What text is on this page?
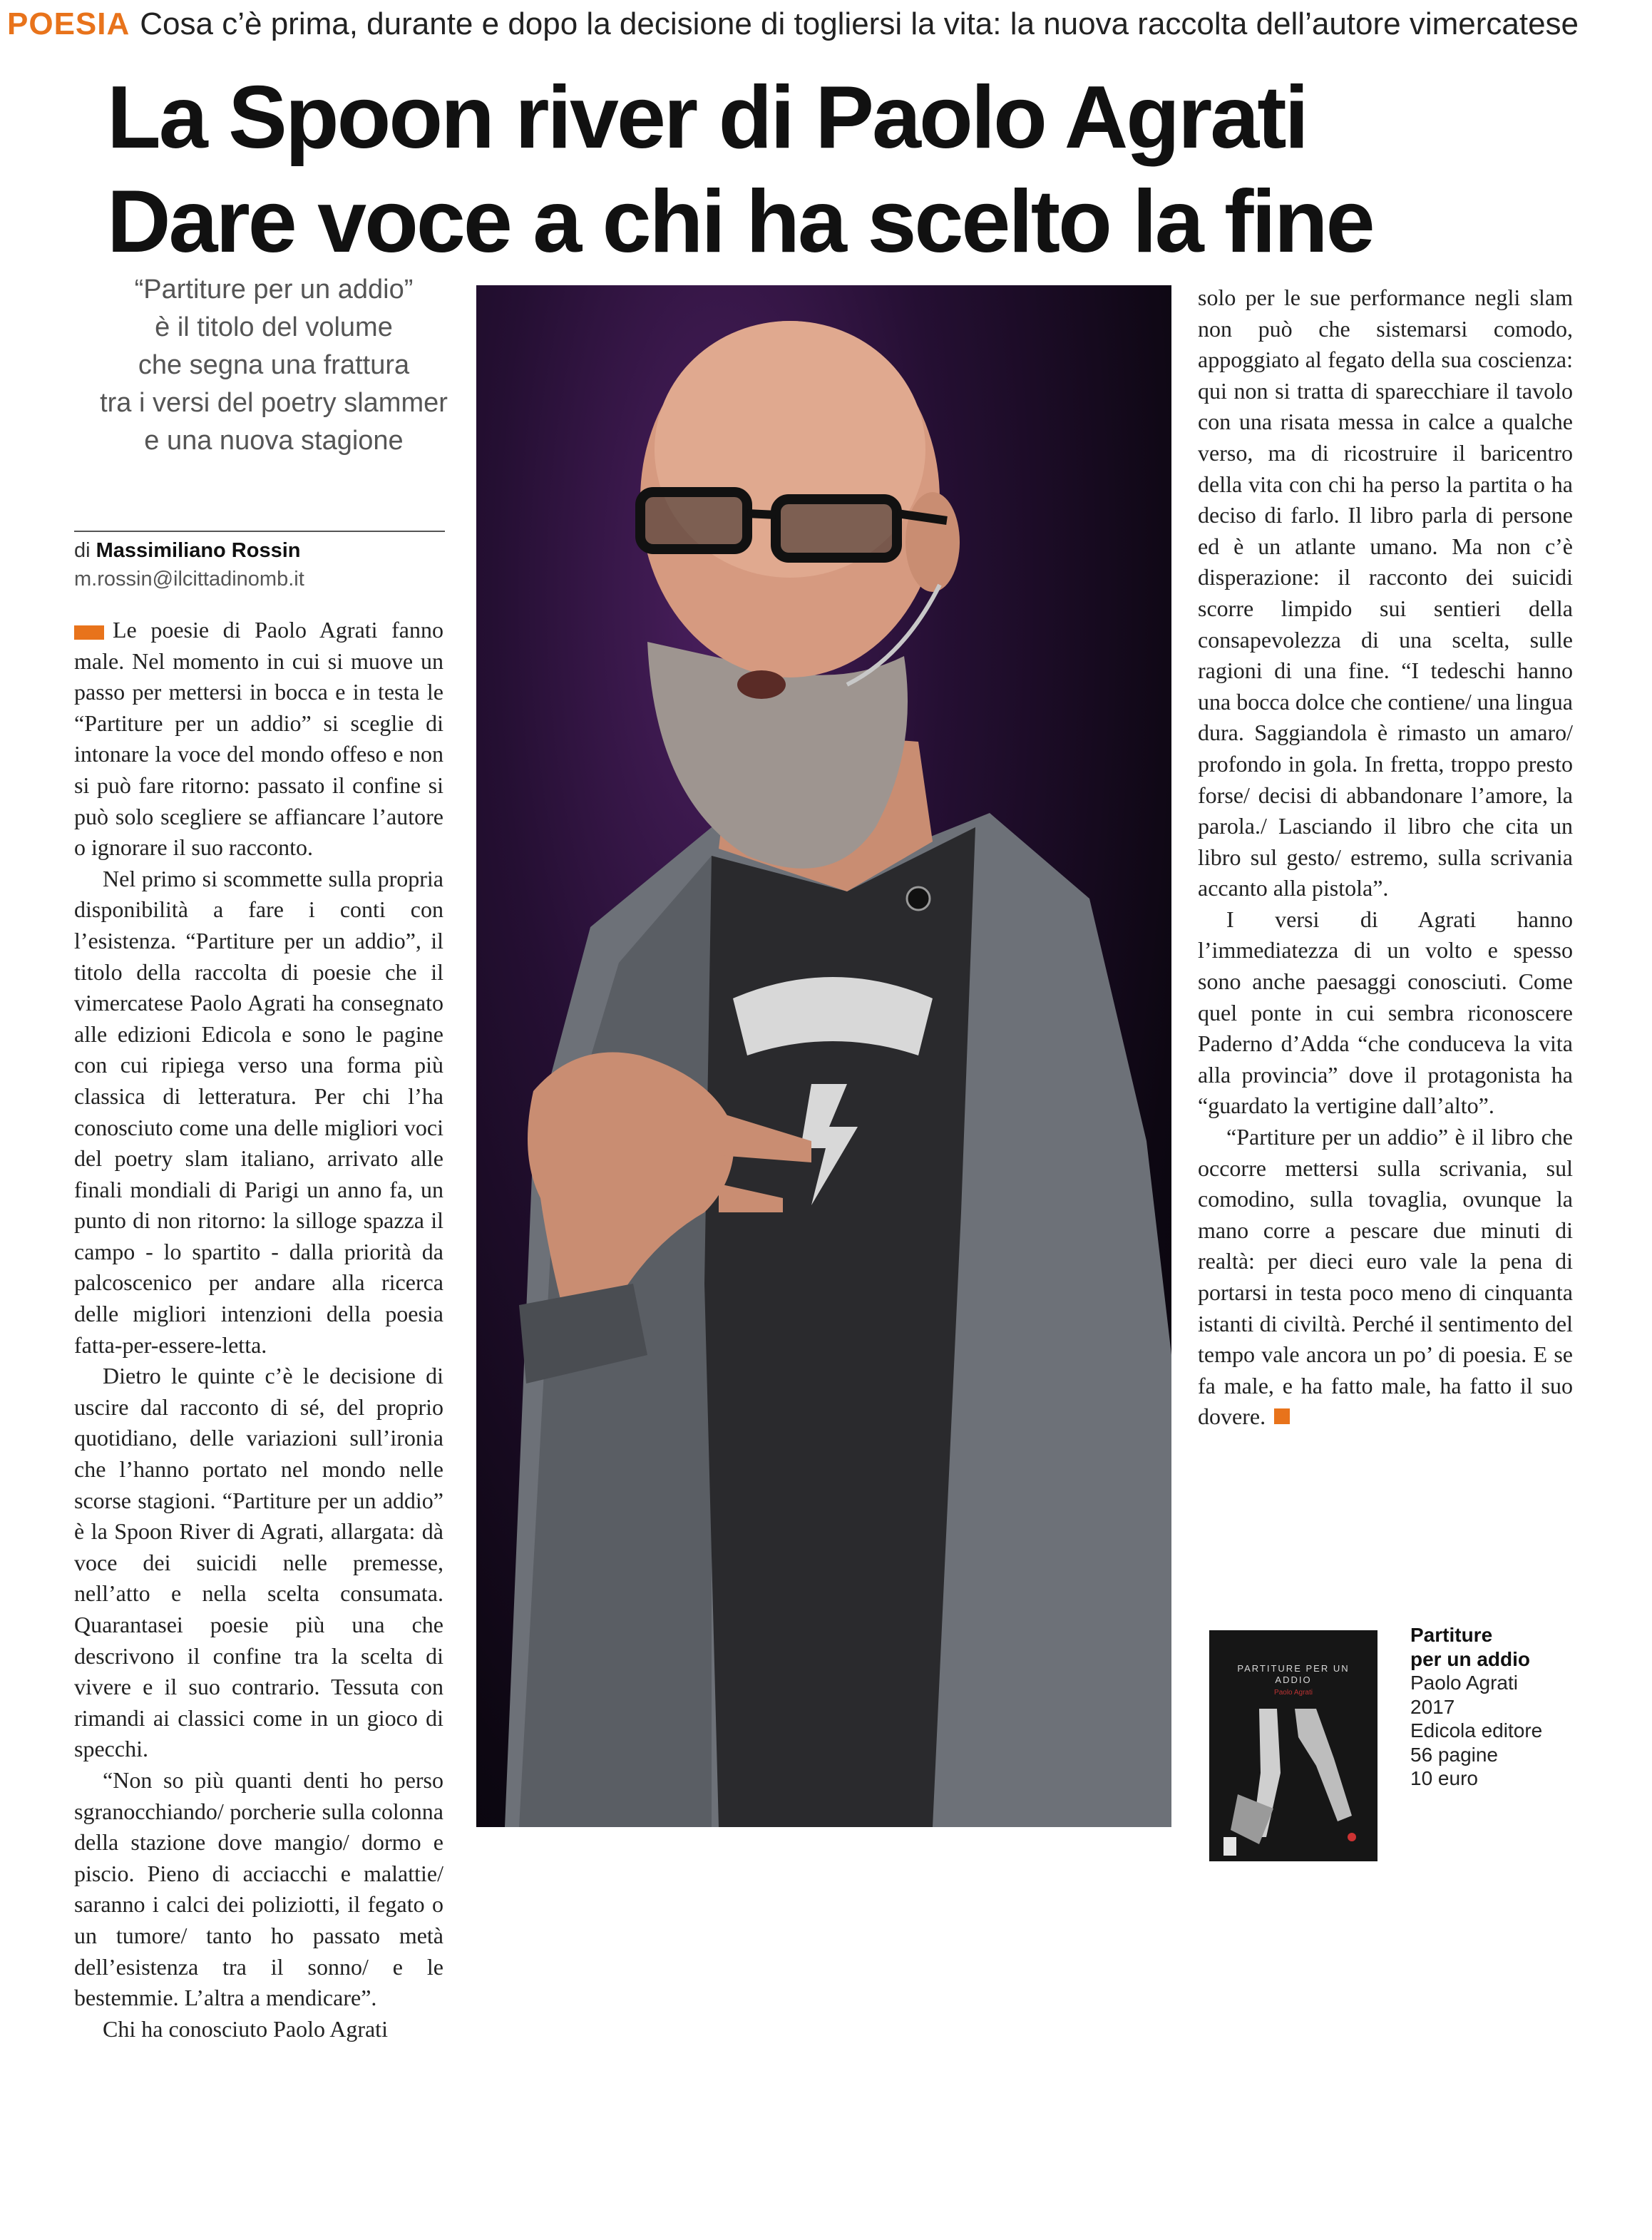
POESIA Cosa c’è prima, durante e dopo la decisione di togliersi la vita: la nuova raccolta dell’autore vimercatese
La Spoon river di Paolo Agrati
Dare voce a chi ha scelto la fine
“Partiture per un addio”
è il titolo del volume
che segna una frattura
tra i versi del poetry slammer
e una nuova stagione
di Massimiliano Rossin
m.rossin@ilcittadinomb.it

Le poesie di Paolo Agrati fanno male. Nel momento in cui si muove un passo per mettersi in bocca e in testa le “Partiture per un addio” si sceglie di intonare la voce del mondo offeso e non si può fare ritorno: passato il confine si può solo scegliere se affiancare l’autore o ignorare il suo racconto.

Nel primo si scommette sulla propria disponibilità a fare i conti con l’esistenza. “Partiture per un addio”, il titolo della raccolta di poesie che il vimercatese Paolo Agrati ha consegnato alle edizioni Edicola e sono le pagine con cui ripiega verso una forma più classica di letteratura. Per chi l’ha conosciuto come una delle migliori voci del poetry slam italiano, arrivato alle finali mondiali di Parigi un anno fa, un punto di non ritorno: la silloge spazza il campo - lo spartito - dalla priorità da palcoscenico per andare alla ricerca delle migliori intenzioni della poesia fatta-per-essere-letta.

Dietro le quinte c’è le decisione di uscire dal racconto di sé, del proprio quotidiano, delle variazioni sull’ironia che l’hanno portato nel mondo nelle scorse stagioni. “Partiture per un addio” è la Spoon River di Agrati, allargata: dà voce dei suicidi nelle premesse, nell’atto e nella scelta consumata. Quarantasei poesie più una che descrivono il confine tra la scelta di vivere e il suo contrario. Tessuta con rimandi ai classici come in un gioco di specchi.

“Non so più quanti denti ho perso sgranocchiando/ porcherie sulla colonna della stazione dove mangio/ dormo e piscio. Pieno di acciacchi e malattie/ saranno i calci dei poliziotti, il fegato o un tumore/ tanto ho passato metà dell’esistenza tra il sonno/ e le bestemmie. L’altra a mendicare”.

Chi ha conosciuto Paolo Agrati

solo per le sue performance negli slam non può che sistemarsi comodo, appoggiato al fegato della sua coscienza: qui non si tratta di sparecchiare il tavolo con una risata messa in calce a qualche verso, ma di ricostruire il baricentro della vita con chi ha perso la partita o ha deciso di farlo. Il libro parla di persone ed è un atlante umano. Ma non c’è disperazione: il racconto dei suicidi scorre limpido sui sentieri della consapevolezza di una scelta, sulle ragioni di una fine. “I tedeschi hanno una bocca dolce che contiene/ una lingua dura. Saggiandola è rimasto un amaro/ profondo in gola. In fretta, troppo presto forse/ decisi di abbandonare l’amore, la parola./ Lasciando il libro che cita un libro sul gesto/ estremo, sulla scrivania accanto alla pistola”.

I versi di Agrati hanno l’immediatezza di un volto e spesso sono anche paesaggi conosciuti. Come quel ponte in cui sembra riconoscere Paderno d’Adda “che conduceva la vita alla provincia” dove il protagonista ha “guardato la vertigine dall’alto”.

“Partiture per un addio” è il libro che occorre mettersi sulla scrivania, sul comodino, sulla tovaglia, ovunque la mano corre a pescare due minuti di realtà: per dieci euro vale la pena di portarsi in testa poco meno di cinquanta istanti di civiltà. Perché il sentimento del tempo vale ancora un po’ di poesia. E se fa male, e ha fatto male, ha fatto il suo dovere.

PARTITURE PER UN ADDIO
Paolo Agrati
Partiture
per un addio
Paolo Agrati
2017
Edicola editore
56 pagine
10 euro
